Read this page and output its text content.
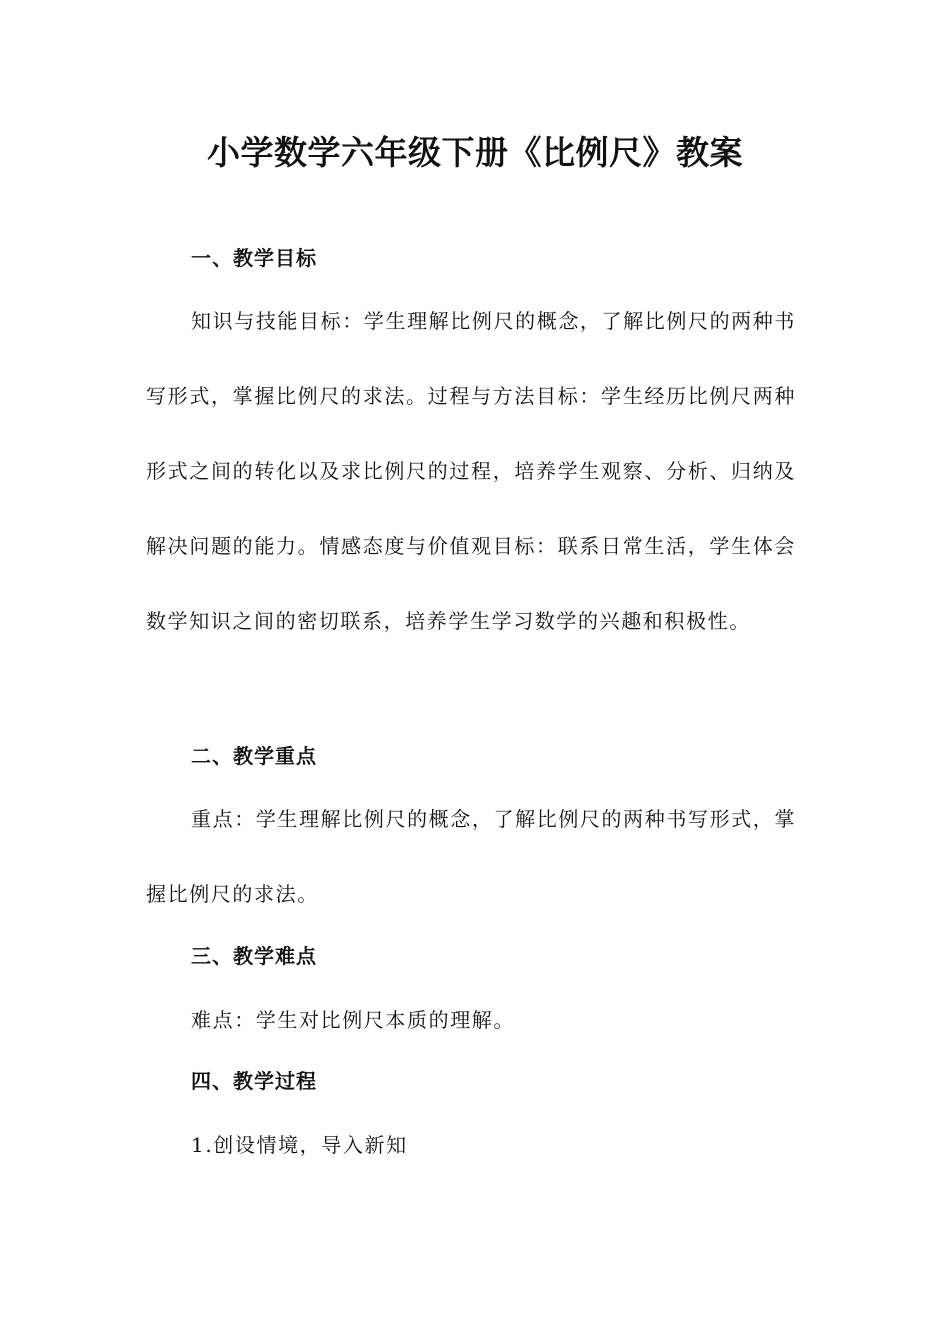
小学数学六年级下册《比例尺》教案
一、教学目标
知识与技能目标：学生理解比例尺的概念，了解比例尺的两种书写形式，掌握比例尺的求法。过程与方法目标：学生经历比例尺两种形式之间的转化以及求比例尺的过程，培养学生观察、分析、归纳及解决问题的能力。情感态度与价值观目标：联系日常生活，学生体会数学知识之间的密切联系，培养学生学习数学的兴趣和积极性。
二、教学重点
重点：学生理解比例尺的概念，了解比例尺的两种书写形式，掌握比例尺的求法。
三、教学难点
难点：学生对比例尺本质的理解。
四、教学过程
1.创设情境，导入新知
